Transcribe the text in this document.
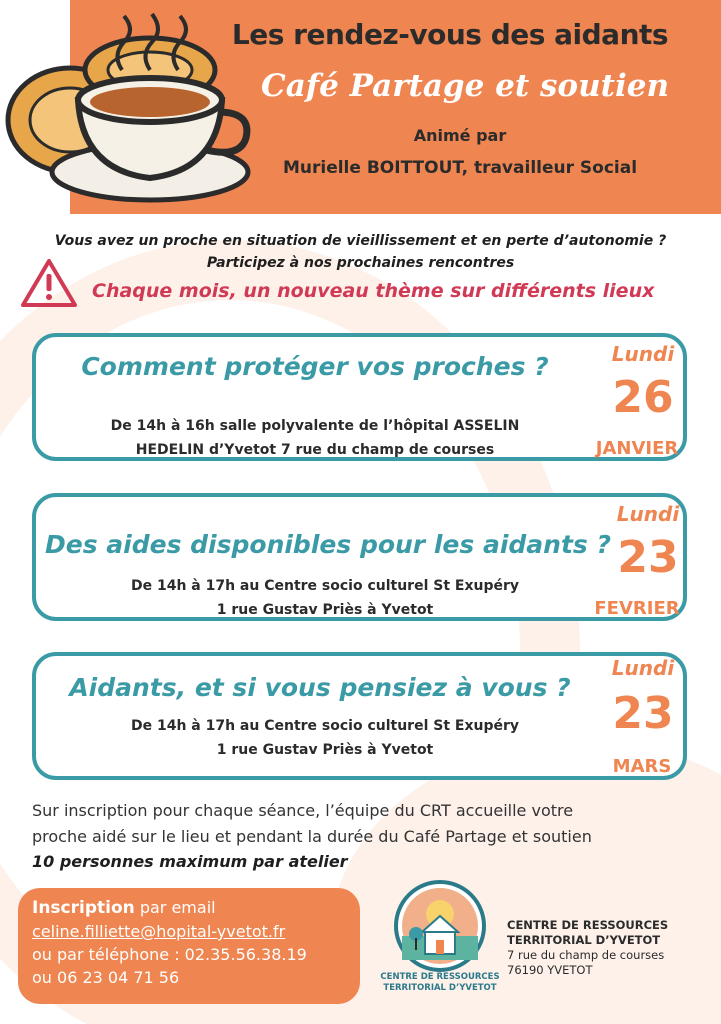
Les rendez-vous des aidants
Café Partage et soutien
Animé par
Murielle BOITTOUT, travailleur Social
Vous avez un proche en situation de vieillissement et en perte d’autonomie ?
Participez à nos prochaines rencontres
Chaque mois, un nouveau thème sur différents lieux
Comment protéger vos proches ?
De 14h à 16h salle polyvalente de l’hôpital ASSELIN
HEDELIN d’Yvetot 7 rue du champ de courses
Lundi
26
JANVIER
Des aides disponibles pour les aidants ?
De 14h à 17h au Centre socio culturel St Exupéry
1 rue Gustav Priès à Yvetot
Lundi
23
FEVRIER
Aidants, et si vous pensiez à vous ?
De 14h à 17h au Centre socio culturel St Exupéry
1 rue Gustav Priès à Yvetot
Lundi
23
MARS
Sur inscription pour chaque séance, l’équipe du CRT accueille votre
proche aidé sur le lieu et pendant la durée du Café Partage et soutien
10 personnes maximum par atelier
Inscription par email
celine.filliette@hopital-yvetot.fr
ou par téléphone : 02.35.56.38.19
ou 06 23 04 71 56	CENTRE DE RESSOURCES
TERRITORIAL D’YVETOT
CENTRE DE RESSOURCES
TERRITORIAL D’YVETOT
7 rue du champ de courses
76190 YVETOT
